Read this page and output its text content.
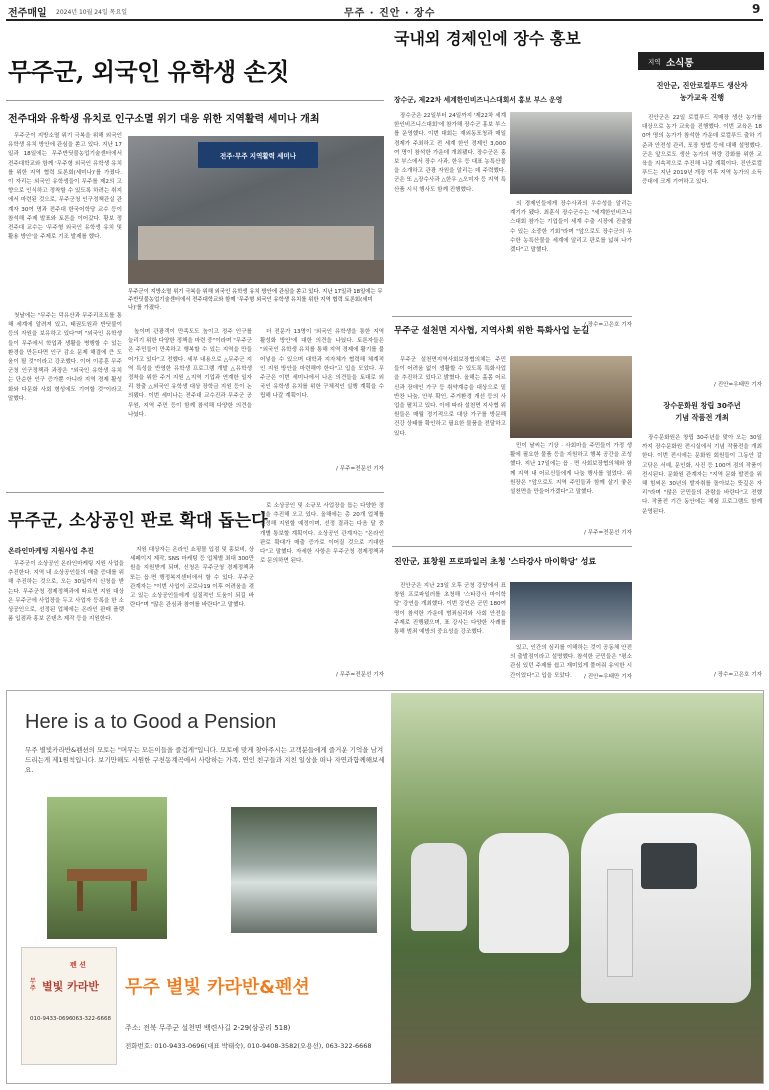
전주매일 2024년 10월 24일 목요일	무주 · 진안 · 장수	9
무주군, 외국인 유학생 손짓
전주대와 유학생 유치로 인구소멸 위기 대응 위한 지역활력 세미나 개최

무주군이 지방소멸 위기 극복을 위해 외국인 유학생 유치 방안에 관심을 쏟고 있다. 지난 17일과 18일에는 무주반딧불농업기술센터에서 전주대학교와 함께 '무주형 외국인 유학생 유치를 위한 지역 협력 토론회(세미나)'를 가졌다. 이 자리는 외국인 유학생들이 무주를 제2의 고향으로 인식하고 정착할 수 있도록 하려는 취지에서 마련된 것으로, 무주군청 인구정책관실 관계자 30여 명과 전주대 한국어학당 교수 등이 참석해 주제 발표와 토론을 이어갔다. 황보 정 전주대 교수는 '무주형 외국인 유학생 유치 및 활용 방안'을 주제로 기조 발제를 했다.

전주·무주 지역활력 세미나
무주군이 지방소멸 위기 극복을 위해 외국인 유학생 유치 방안에 관심을 쏟고 있다. 지난 17일과 18일에는 무주반딧불농업기술센터에서 전주대학교와 함께 '무주형 외국인 유학생 유치를 위한 지역 협력 토론회(세미나)'를 가졌다.

첫날에는 "무주는 덕유산과 무주리조트를 통해 세계에 알려져 있고, 태권도원과 반딧불이 등의 자원을 보유하고 있다"며 "외국인 유학생들이 무주에서 학업과 생활을 병행할 수 있는 환경을 만든다면 인구 감소 문제 해결에 큰 도움이 될 것"이라고 강조했다. 이어 이종훈 무주군청 인구정책과 과장은 "외국인 유학생 유치는 단순한 인구 증가뿐 아니라 지역 경제 활성화와 다문화 사회 형성에도 기여할 것"이라고 말했다.

높이며 관광객이 만족도도 높이고 정주 인구를 늘리기 위한 다양한 정책을 마련 중"이라며 "무주군은 주민들이 만족하고 행복할 수 있는 지역을 만들어가고 있다"고 전했다. 세부 내용으로 △무주군 지역 특성을 반영한 유학생 프로그램 개발 △유학생 정착을 위한 주거 지원 △지역 기업과 연계한 일자리 창출 △외국인 유학생 대상 장학금 지원 등이 논의됐다. 이번 세미나는 전주대 교수진과 무주군 공무원, 지역 주민 등이 함께 참석해 다양한 의견을 나눴다.

더 전문가 13명이 '외국인 유학생을 통한 지역 활성화 방안'에 대한 의견을 나눴다. 토론자들은 "외국인 유학생 유치를 통해 지역 경제에 활기를 불어넣을 수 있으며 대학과 지자체가 협력해 체계적인 지원 방안을 마련해야 한다"고 입을 모았다. 무주군은 이번 세미나에서 나온 의견들을 토대로 외국인 유학생 유치를 위한 구체적인 실행 계획을 수립해 나갈 계획이다.

/ 무주=전문선 기자
무주군, 소상공인 판로 확대 돕는다
온라인마케팅 지원사업 추진

무주군이 소상공인 온라인마케팅 지원 사업을 추진한다. 지역 내 소상공인들의 매출 증대를 위해 추진하는 것으로, 오는 30일까지 신청을 받는다. 무주군청 경제정책과에 따르면 지원 대상은 무주군에 사업장을 두고 사업자 등록을 한 소상공인으로, 선정된 업체에는 온라인 판매 플랫폼 입점과 홍보 콘텐츠 제작 등을 지원한다.

지원 대상자는 온라인 쇼핑몰 입점 및 홍보비, 상세페이지 제작, SNS 마케팅 등 업체별 최대 300만 원을 지원받게 되며, 신청은 무주군청 경제정책과 또는 읍·면 행정복지센터에서 할 수 있다. 무주군 관계자는 "이번 사업이 코로나19 이후 어려움을 겪고 있는 소상공인들에게 실질적인 도움이 되길 바란다"며 "많은 관심과 참여를 바란다"고 말했다.

로 소상공인 및 소규모 사업장을 돕는 다양한 정책을 추진해 오고 있다. 올해에는 총 20개 업체를 선정해 지원할 예정이며, 선정 결과는 다음 달 중 개별 통보할 계획이다. 소상공인 관계자는 "온라인 판로 확대가 매출 증가로 이어질 것으로 기대한다"고 말했다. 자세한 사항은 무주군청 경제정책과로 문의하면 된다.

/ 무주=전문선 기자
국내외 경제인에 장수 홍보
장수군, 제22차 세계한인비즈니스대회서 홍보 부스 운영

장수군은 22일부터 24일까지 '제22차 세계한인비즈니스대회'에 참가해 장수군 홍보 부스를 운영했다. 이번 대회는 재외동포청과 매일경제가 주최하고 전 세계 한인 경제인 3,000여 명이 참석한 가운데 개최됐다. 장수군은 홍보 부스에서 장수 사과, 한우 등 대표 농특산물을 소개하고 관광 자원을 알리는 데 주력했다. 군은 또 △장수사과 △한우 △오미자 등 지역 특산품 시식 행사도 함께 진행했다.

의 경제인들에게 장수사과의 우수성을 알리는 계기가 됐다. 최훈식 장수군수는 "세계한인비즈니스대회 참가는 기업들이 세계 수출 시장에 진출할 수 있는 소중한 기회"라며 "앞으로도 장수군의 우수한 농특산물을 세계에 알리고 판로를 넓혀 나가겠다"고 말했다.

/ 장수=고은호 기자
무주군 설천면 지사협, 지역사회 위한 특화사업 눈길

무주군 설천면지역사회보장협의체는 주민들이 어려움 없이 생활할 수 있도록 특화사업을 추진하고 있다고 밝혔다. 올해는 홀몸 어르신과 장애인 가구 등 취약계층을 대상으로 밑반찬 나눔, 안부 확인, 주거환경 개선 등의 사업을 펼치고 있다. 이에 따라 설천면 지사협 위원들은 매월 정기적으로 대상 가구를 방문해 건강 상태를 확인하고 필요한 물품을 전달하고 있다.

민이 날씨는 기상 · 사회마을 주민들이 가정 생활에 필요한 물품 등을 지원하고 행복 공간을 조성했다. 지난 17일에는 읍 · 면 사회보장협의체와 함께 지역 내 어르신들에게 나눔 행사를 열었다. 위원장은 "앞으로도 지역 주민들과 함께 살기 좋은 설천면을 만들어가겠다"고 말했다.

/ 무주=전문선 기자
진안군, 표창원 프로파일러 초청 '스타강사 마이학당' 성료

진안군은 지난 23일 오후 군청 강당에서 표창원 프로파일러를 초청해 '스타강사 마이학당' 강연을 개최했다. 이번 강연은 군민 180여 명이 참석한 가운데 범죄심리와 사회 안전을 주제로 진행됐으며, 표 강사는 다양한 사례를 통해 범죄 예방의 중요성을 강조했다.

있고, 인간의 심리를 이해하는 것이 공동체 안전의 출발점이라고 설명했다. 참석한 군민들은 "평소 관심 있던 주제를 쉽고 재미있게 풀어줘 유익한 시간이었다"고 입을 모았다.	/ 진안=우태만 기자
지역 소식통
진안군, 진안로컬푸드 생산자 농가교육 진행

진안군은 22일 로컬푸드 직매장 생산 농가를 대상으로 농가 교육을 진행했다. 이번 교육은 180여 명의 농가가 참석한 가운데 로컬푸드 출하 기준과 안전성 관리, 포장 방법 등에 대해 설명했다. 군은 앞으로도 생산 농가의 역량 강화를 위한 교육을 지속적으로 추진해 나갈 계획이다. 진안로컬푸드는 지난 2019년 개장 이후 지역 농가의 소득 증대에 크게 기여하고 있다.

/ 진안=우태만 기자
장수문화원 창립 30주년 기념 작품전 개최

장수문화원은 창립 30주년을 맞아 오는 30일까지 장수문화원 전시실에서 기념 작품전을 개최한다. 이번 전시에는 문화원 회원들이 그동안 갈고닦은 서예, 문인화, 사진 등 100여 점의 작품이 전시된다. 문화원 관계자는 "지역 문화 발전을 위해 힘써온 30년의 발자취를 돌아보는 뜻깊은 자리"라며 "많은 군민들의 관람을 바란다"고 전했다. 작품전 기간 동안에는 체험 프로그램도 함께 운영된다.

/ 장수=고은호 기자
Here is a to Good a Pension
무주 별빛카라반&펜션의 모토는 "머무는 모든이들을 즐겁게"입니다. 모토에 맞게 찾아주시는 고객분들에게 즐거운 기억을 남겨드리는게 제1원칙입니다. 보기만해도 시원한 구천동계곡에서 사랑하는 가족, 연인 친구들과 지친 일상을 떠나 자연과함께해보세요.
펜 션
무주 별빛 카라반
010-9433-0696 063-322-6668
무주 별빛 카라반&펜션
주소: 전북 무주군 설천면 백련사길 2-29(삼공리 518)
전화번호: 010-9433-0696(대표 박태숙), 010-9408-3582(오용선), 063-322-6668
